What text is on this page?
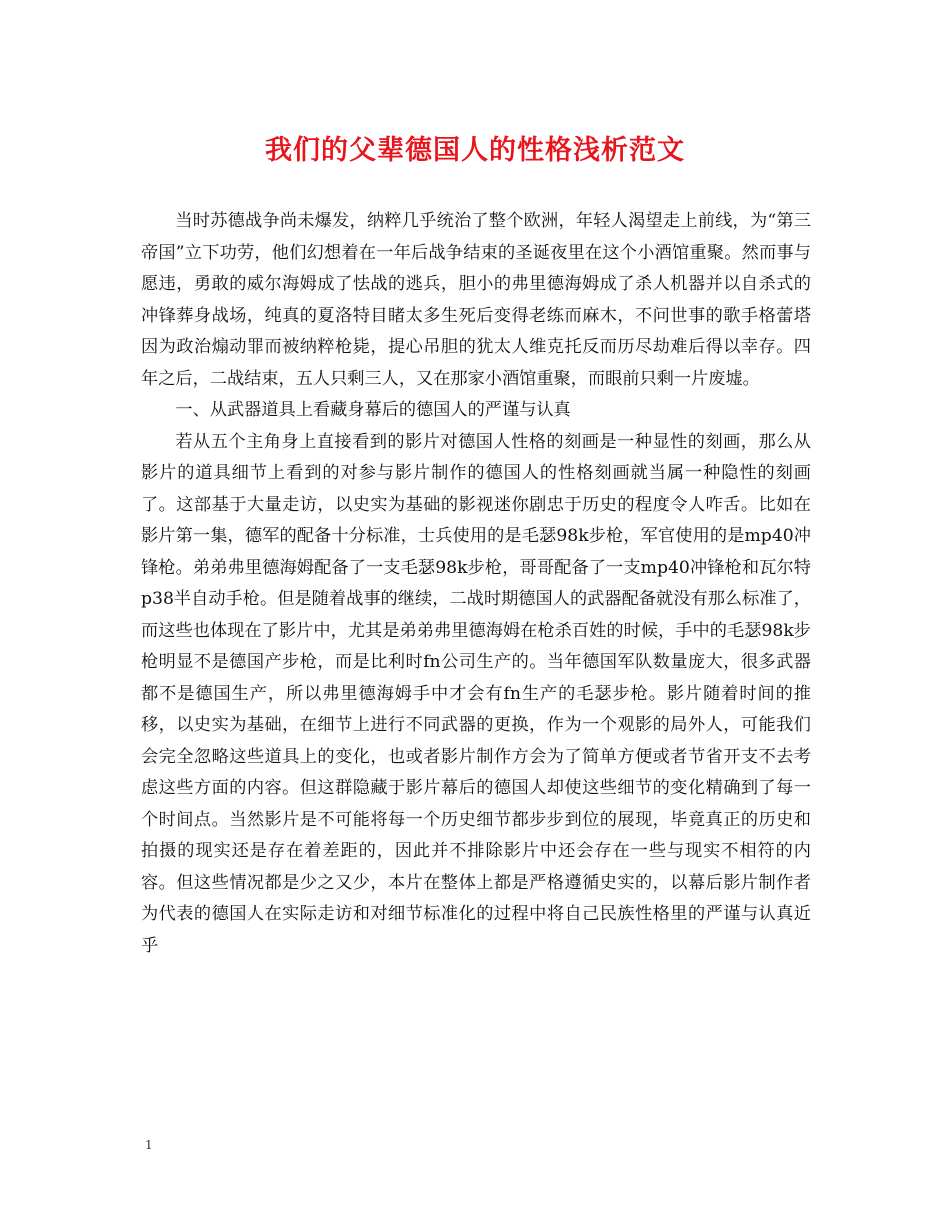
我们的父辈德国人的性格浅析范文

当时苏德战争尚未爆发，纳粹几乎统治了整个欧洲，年轻人渴望走上前线，为“第三帝国”立下功劳，他们幻想着在一年后战争结束的圣诞夜里在这个小酒馆重聚。然而事与愿违，勇敢的威尔海姆成了怯战的逃兵，胆小的弗里德海姆成了杀人机器并以自杀式的冲锋葬身战场，纯真的夏洛特目睹太多生死后变得老练而麻木，不问世事的歌手格蕾塔因为政治煽动罪而被纳粹枪毙，提心吊胆的犹太人维克托反而历尽劫难后得以幸存。四年之后，二战结束，五人只剩三人，又在那家小酒馆重聚，而眼前只剩一片废墟。

一、从武器道具上看藏身幕后的德国人的严谨与认真

若从五个主角身上直接看到的影片对德国人性格的刻画是一种显性的刻画，那么从影片的道具细节上看到的对参与影片制作的德国人的性格刻画就当属一种隐性的刻画了。这部基于大量走访，以史实为基础的影视迷你剧忠于历史的程度令人咋舌。比如在影片第一集，德军的配备十分标准，士兵使用的是毛瑟98k步枪，军官使用的是mp40冲锋枪。弟弟弗里德海姆配备了一支毛瑟98k步枪，哥哥配备了一支mp40冲锋枪和瓦尔特p38半自动手枪。但是随着战事的继续，二战时期德国人的武器配备就没有那么标准了，而这些也体现在了影片中，尤其是弟弟弗里德海姆在枪杀百姓的时候，手中的毛瑟98k步枪明显不是德国产步枪，而是比利时fn公司生产的。当年德国军队数量庞大，很多武器都不是德国生产，所以弗里德海姆手中才会有fn生产的毛瑟步枪。影片随着时间的推移，以史实为基础，在细节上进行不同武器的更换，作为一个观影的局外人，可能我们会完全忽略这些道具上的变化，也或者影片制作方会为了简单方便或者节省开支不去考虑这些方面的内容。但这群隐藏于影片幕后的德国人却使这些细节的变化精确到了每一个时间点。当然影片是不可能将每一个历史细节都步步到位的展现，毕竟真正的历史和拍摄的现实还是存在着差距的，因此并不排除影片中还会存在一些与现实不相符的内容。但这些情况都是少之又少，本片在整体上都是严格遵循史实的，以幕后影片制作者为代表的德国人在实际走访和对细节标准化的过程中将自己民族性格里的严谨与认真近乎

1
